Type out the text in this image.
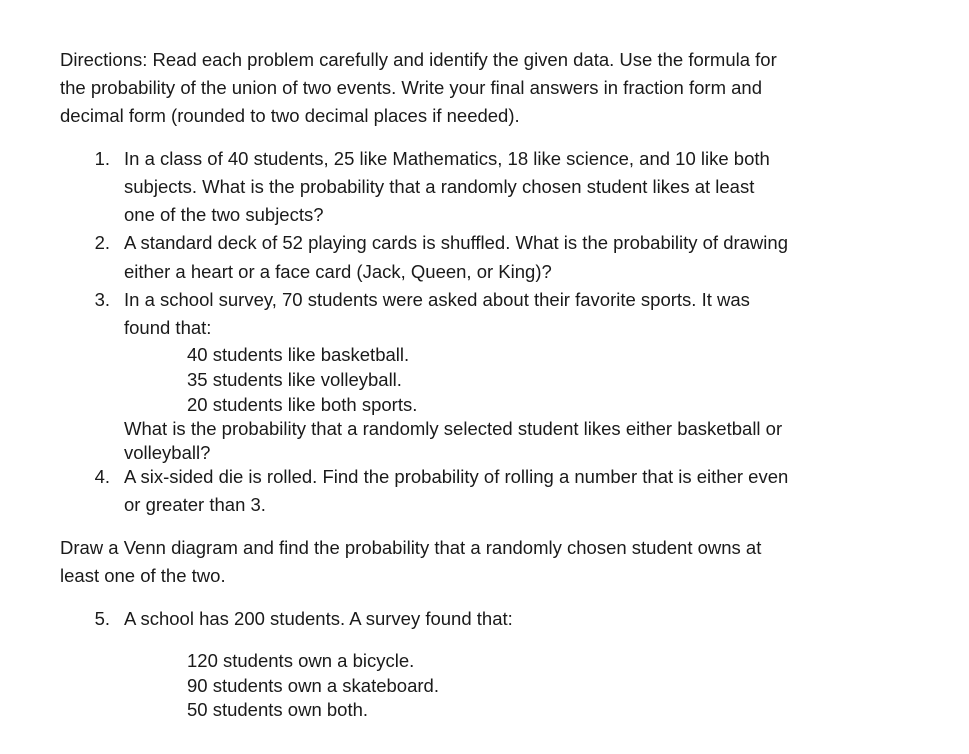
Directions: Read each problem carefully and identify the given data. Use the formula for
the probability of the union of two events. Write your final answers in fraction form and
decimal form (rounded to two decimal places if needed).
1. In a class of 40 students, 25 like Mathematics, 18 like science, and 10 like both
subjects. What is the probability that a randomly chosen student likes at least
one of the two subjects?
2. A standard deck of 52 playing cards is shuffled. What is the probability of drawing
either a heart or a face card (Jack, Queen, or King)?
3. In a school survey, 70 students were asked about their favorite sports. It was
found that:
40 students like basketball.
35 students like volleyball.
20 students like both sports.
What is the probability that a randomly selected student likes either basketball or
volleyball?
4. A six-sided die is rolled. Find the probability of rolling a number that is either even
or greater than 3.
Draw a Venn diagram and find the probability that a randomly chosen student owns at
least one of the two.
5. A school has 200 students. A survey found that:
120 students own a bicycle.
90 students own a skateboard.
50 students own both.
